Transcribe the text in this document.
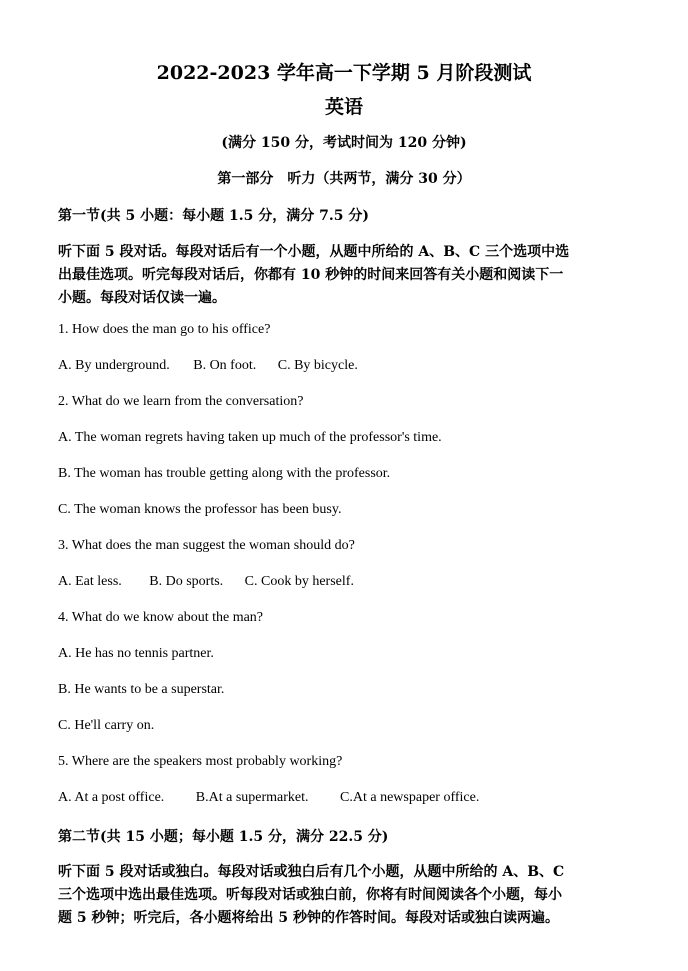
2022-2023 学年高一下学期 5 月阶段测试
英语
(满分 150 分，考试时间为 120 分钟)
第一部分　听力（共两节，满分 30 分）
第一节(共 5 小题：每小题 1.5 分，满分 7.5 分)
听下面 5 段对话。每段对话后有一个小题，从题中所给的 A、B、C 三个选项中选
出最佳选项。听完每段对话后，你都有 10 秒钟的时间来回答有关小题和阅读下一
小题。每段对话仅读一遍。
1. How does the man go to his office?
A. By underground. B. On foot. C. By bicycle.
2. What do we learn from the conversation?
A. The woman regrets having taken up much of the professor's time.
B. The woman has trouble getting along with the professor.
C. The woman knows the professor has been busy.
3. What does the man suggest the woman should do?
A. Eat less. B. Do sports. C. Cook by herself.
4. What do we know about the man?
A. He has no tennis partner.
B. He wants to be a superstar.
C. He'll carry on.
5. Where are the speakers most probably working?
A. At a post office. B.At a supermarket. C.At a newspaper office.
第二节(共 15 小题；每小题 1.5 分，满分 22.5 分)
听下面 5 段对话或独白。每段对话或独白后有几个小题，从题中所给的 A、B、C
三个选项中选出最佳选项。听每段对话或独白前，你将有时间阅读各个小题，每小
题 5 秒钟；听完后，各小题将给出 5 秒钟的作答时间。每段对话或独白读两遍。
